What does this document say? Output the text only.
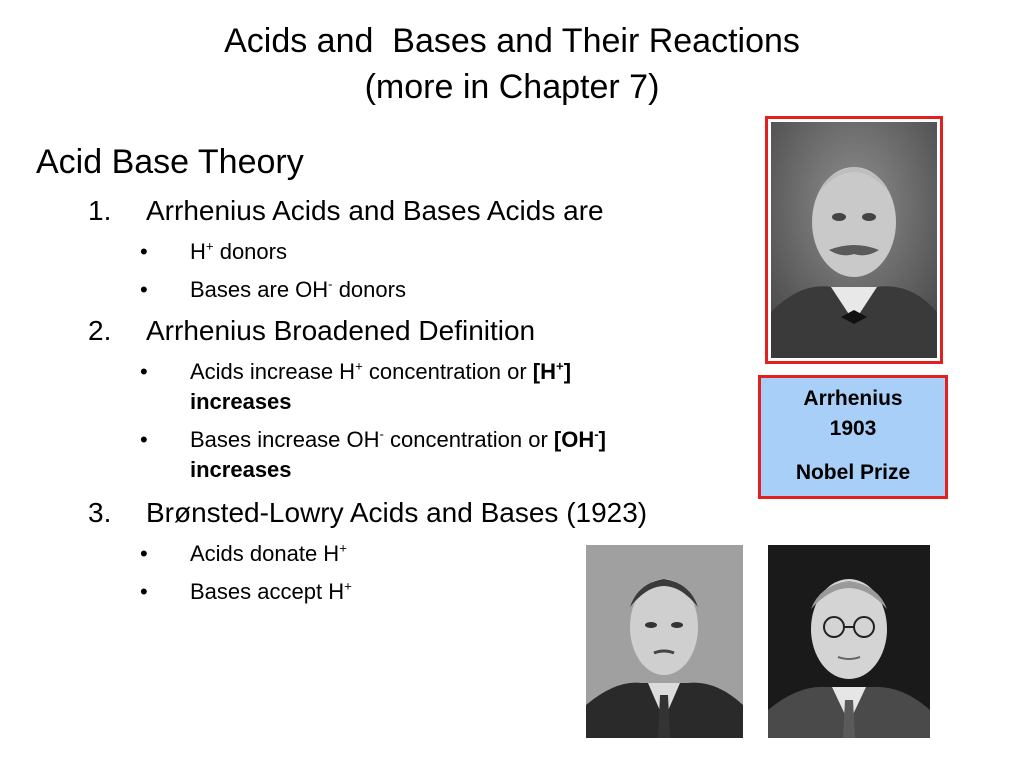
Acids and  Bases and Their Reactions
(more in Chapter 7)
Acid Base Theory
1. Arrhenius Acids and Bases Acids are
• H+ donors
• Bases are OH- donors
2. Arrhenius Broadened Definition
• Acids increase H+ concentration or [H+]
increases
• Bases increase OH- concentration or [OH-]
increases
3. Brønsted-Lowry Acids and Bases (1923)
• Acids donate H+
• Bases accept H+
Arrhenius
1903
Nobel Prize
